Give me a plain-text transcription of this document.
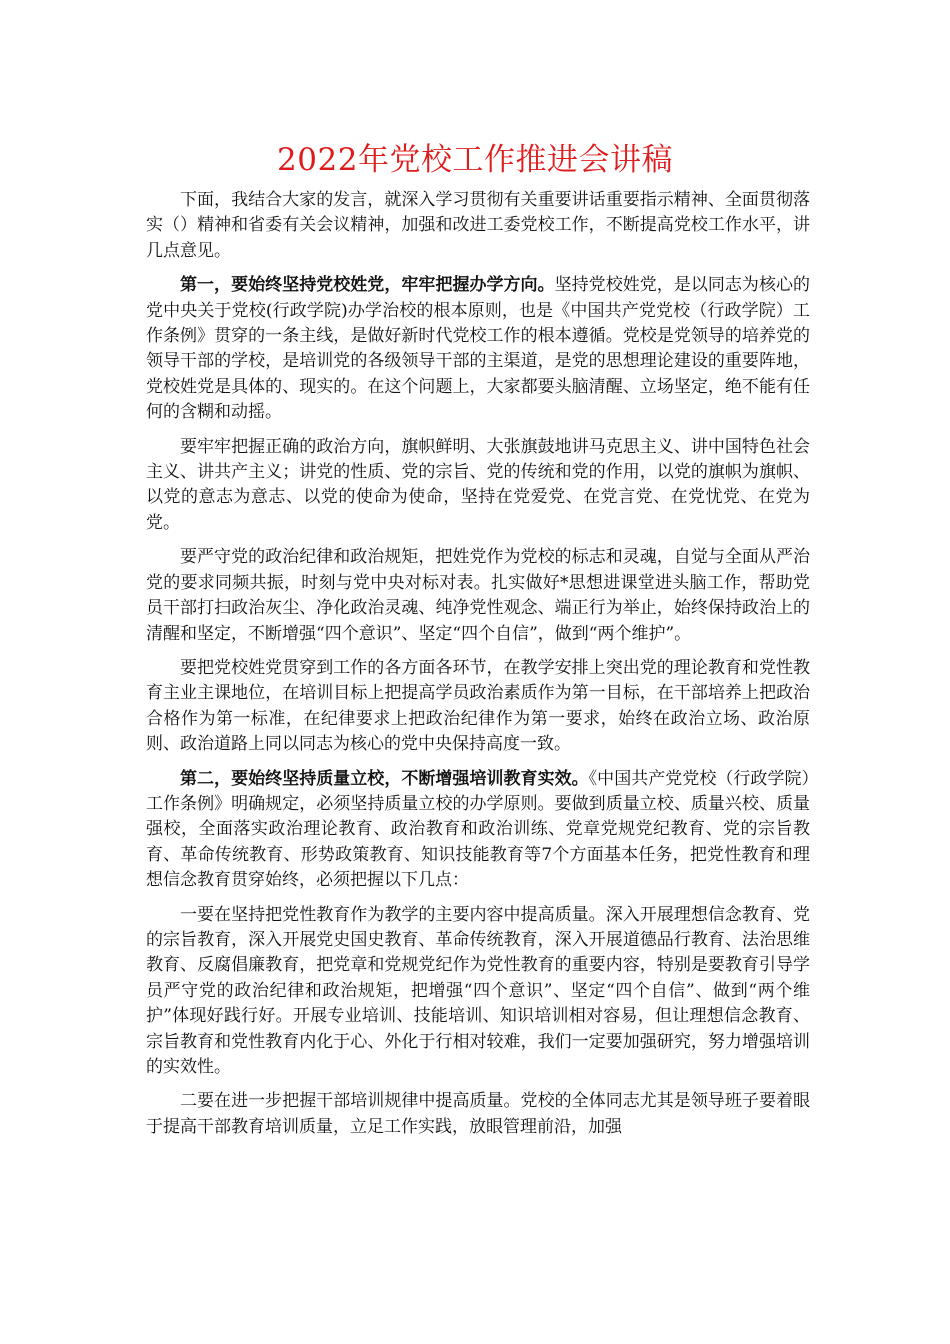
2022年党校工作推进会讲稿

下面，我结合大家的发言，就深入学习贯彻有关重要讲话重要指示精神、全面贯彻落实（）精神和省委有关会议精神，加强和改进工委党校工作，不断提高党校工作水平，讲几点意见。

第一，要始终坚持党校姓党，牢牢把握办学方向。坚持党校姓党，是以同志为核心的党中央关于党校(行政学院)办学治校的根本原则，也是《中国共产党党校（行政学院）工作条例》贯穿的一条主线，是做好新时代党校工作的根本遵循。党校是党领导的培养党的领导干部的学校，是培训党的各级领导干部的主渠道，是党的思想理论建设的重要阵地，党校姓党是具体的、现实的。在这个问题上，大家都要头脑清醒、立场坚定，绝不能有任何的含糊和动摇。

要牢牢把握正确的政治方向，旗帜鲜明、大张旗鼓地讲马克思主义、讲中国特色社会主义、讲共产主义；讲党的性质、党的宗旨、党的传统和党的作用，以党的旗帜为旗帜、以党的意志为意志、以党的使命为使命，坚持在党爱党、在党言党、在党忧党、在党为党。

要严守党的政治纪律和政治规矩，把姓党作为党校的标志和灵魂，自觉与全面从严治党的要求同频共振，时刻与党中央对标对表。扎实做好*思想进课堂进头脑工作，帮助党员干部打扫政治灰尘、净化政治灵魂、纯净党性观念、端正行为举止，始终保持政治上的清醒和坚定，不断增强“四个意识”、坚定“四个自信”，做到“两个维护”。

要把党校姓党贯穿到工作的各方面各环节，在教学安排上突出党的理论教育和党性教育主业主课地位，在培训目标上把提高学员政治素质作为第一目标，在干部培养上把政治合格作为第一标准，在纪律要求上把政治纪律作为第一要求，始终在政治立场、政治原则、政治道路上同以同志为核心的党中央保持高度一致。

第二，要始终坚持质量立校，不断增强培训教育实效。《中国共产党党校（行政学院）工作条例》明确规定，必须坚持质量立校的办学原则。要做到质量立校、质量兴校、质量强校，全面落实政治理论教育、政治教育和政治训练、党章党规党纪教育、党的宗旨教育、革命传统教育、形势政策教育、知识技能教育等7个方面基本任务，把党性教育和理想信念教育贯穿始终，必须把握以下几点：

一要在坚持把党性教育作为教学的主要内容中提高质量。深入开展理想信念教育、党的宗旨教育，深入开展党史国史教育、革命传统教育，深入开展道德品行教育、法治思维教育、反腐倡廉教育，把党章和党规党纪作为党性教育的重要内容，特别是要教育引导学员严守党的政治纪律和政治规矩，把增强“四个意识”、坚定“四个自信”、做到“两个维护”体现好践行好。开展专业培训、技能培训、知识培训相对容易，但让理想信念教育、宗旨教育和党性教育内化于心、外化于行相对较难，我们一定要加强研究，努力增强培训的实效性。

二要在进一步把握干部培训规律中提高质量。党校的全体同志尤其是领导班子要着眼于提高干部教育培训质量，立足工作实践，放眼管理前沿，加强
